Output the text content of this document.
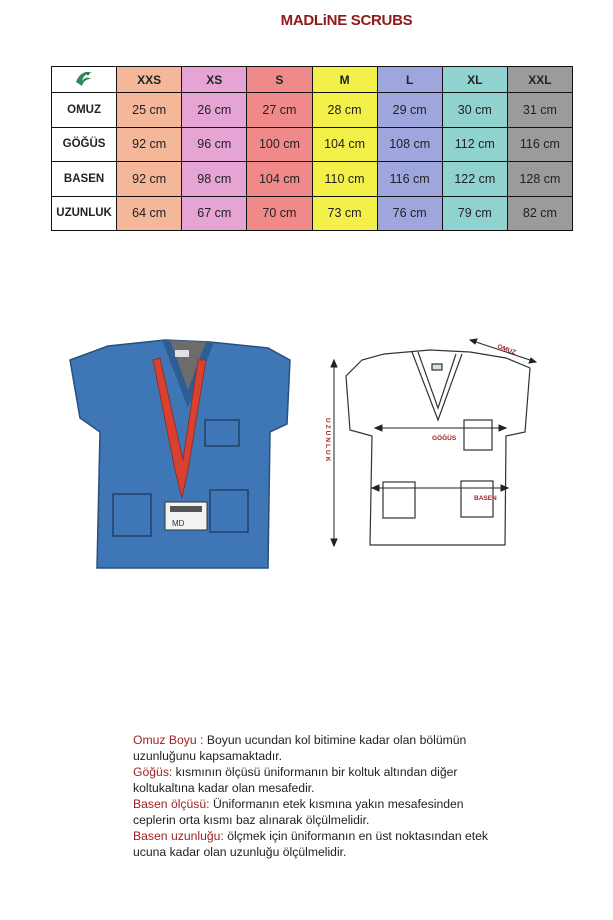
MADLiNE SCRUBS
	XXS	XS	S	M	L	XL	XXL
OMUZ	25 cm	26 cm	27 cm	28 cm	29 cm	30 cm	31 cm
GÖĞÜS	92 cm	96 cm	100 cm	104 cm	108 cm	112 cm	116 cm
BASEN	92 cm	98 cm	104 cm	110 cm	116 cm	122 cm	128 cm
UZUNLUK	64 cm	67 cm	70 cm	73 cm	76 cm	79 cm	82 cm
MD
OMUZ
GÖĞÜS
BASEN
UZUNLUK

Omuz Boyu : Boyun ucundan kol bitimine kadar olan bölümün uzunluğunu kapsamaktadır.

Göğüs: kısmının ölçüsü üniformanın bir koltuk altından diğer koltukaltına kadar olan mesafedir.

Basen ölçüsü: Üniformanın etek kısmına yakın mesafesinden ceplerin orta kısmı baz alınarak ölçülmelidir.

Basen uzunluğu: ölçmek için üniformanın en üst noktasından etek ucuna kadar olan uzunluğu ölçülmelidir.
